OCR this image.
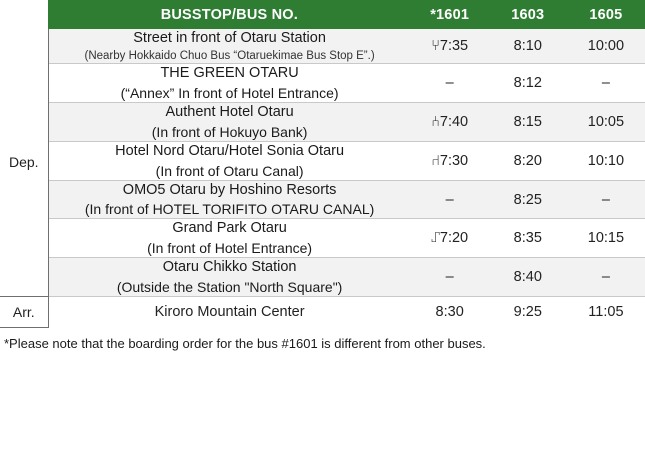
	BUSSTOP/BUS NO.	*1601	1603	1605
Dep.	Street in front of Otaru Station
(Nearby Hokkaido Chuo Bus “Otaruekimae Bus Stop E”.)	⑂7:35	8:10	10:00

	THE GREEN OTARU
(“Annex” In front of Hotel Entrance)	–	8:12	–

	Authent Hotel Otaru
(In front of Hokuyo Bank)	⑃7:40	8:15	10:05

	Hotel Nord Otaru/Hotel Sonia Otaru
(In front of Otaru Canal)	⑁7:30	8:20	10:10

	OMO5 Otaru by Hoshino Resorts
(In front of HOTEL TORIFITO OTARU CANAL)	–	8:25	–

	Grand Park Otaru
(In front of Hotel Entrance)	⑀7:20	8:35	10:15

	Otaru Chikko Station
(Outside the Station "North Square")	–	8:40	–
Arr.	Kiroro Mountain Center	8:30	9:25	11:05
*Please note that the boarding order for the bus #1601 is different from other buses.
